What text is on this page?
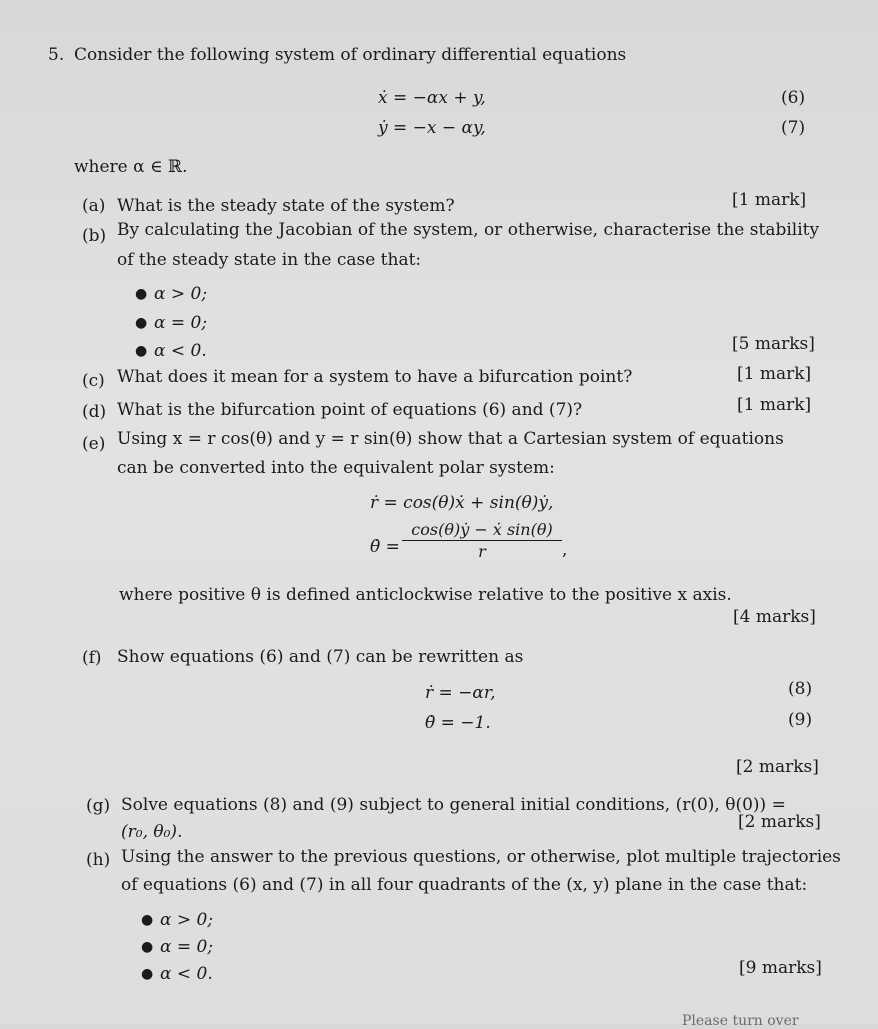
5. Consider the following system of ordinary differential equations
ẋ = −αx + y,	(6)
ẏ = −x − αy,	(7)
where α ∈ ℝ.
(a) What is the steady state of the system?	[1 mark]
(b) By calculating the Jacobian of the system, or otherwise, characterise the stability
of the steady state in the case that:
● α > 0;
● α = 0;
● α < 0.	[5 marks]
(c) What does it mean for a system to have a bifurcation point?	[1 mark]
(d) What is the bifurcation point of equations (6) and (7)?	[1 mark]
(e) Using x = r cos(θ) and y = r sin(θ) show that a Cartesian system of equations
can be converted into the equivalent polar system:
ṙ = cos(θ)ẋ + sin(θ)ẏ,
θ̇ = $\frac{\text{cos(θ)ẏ − ẋ sin(θ)}}{r}$ ,
where positive θ is defined anticlockwise relative to the positive x axis.
[4 marks]
(f) Show equations (6) and (7) can be rewritten as
ṙ = −αr,	(8)
θ̇ = −1.	(9)
[2 marks]
(g) Solve equations (8) and (9) subject to general initial conditions, (r(0), θ(0)) =
(r₀, θ₀).	[2 marks]
(h) Using the answer to the previous questions, or otherwise, plot multiple trajectories
of equations (6) and (7) in all four quadrants of the (x, y) plane in the case that:
● α > 0;
● α = 0;
● α < 0.	[9 marks]
Please turn over
